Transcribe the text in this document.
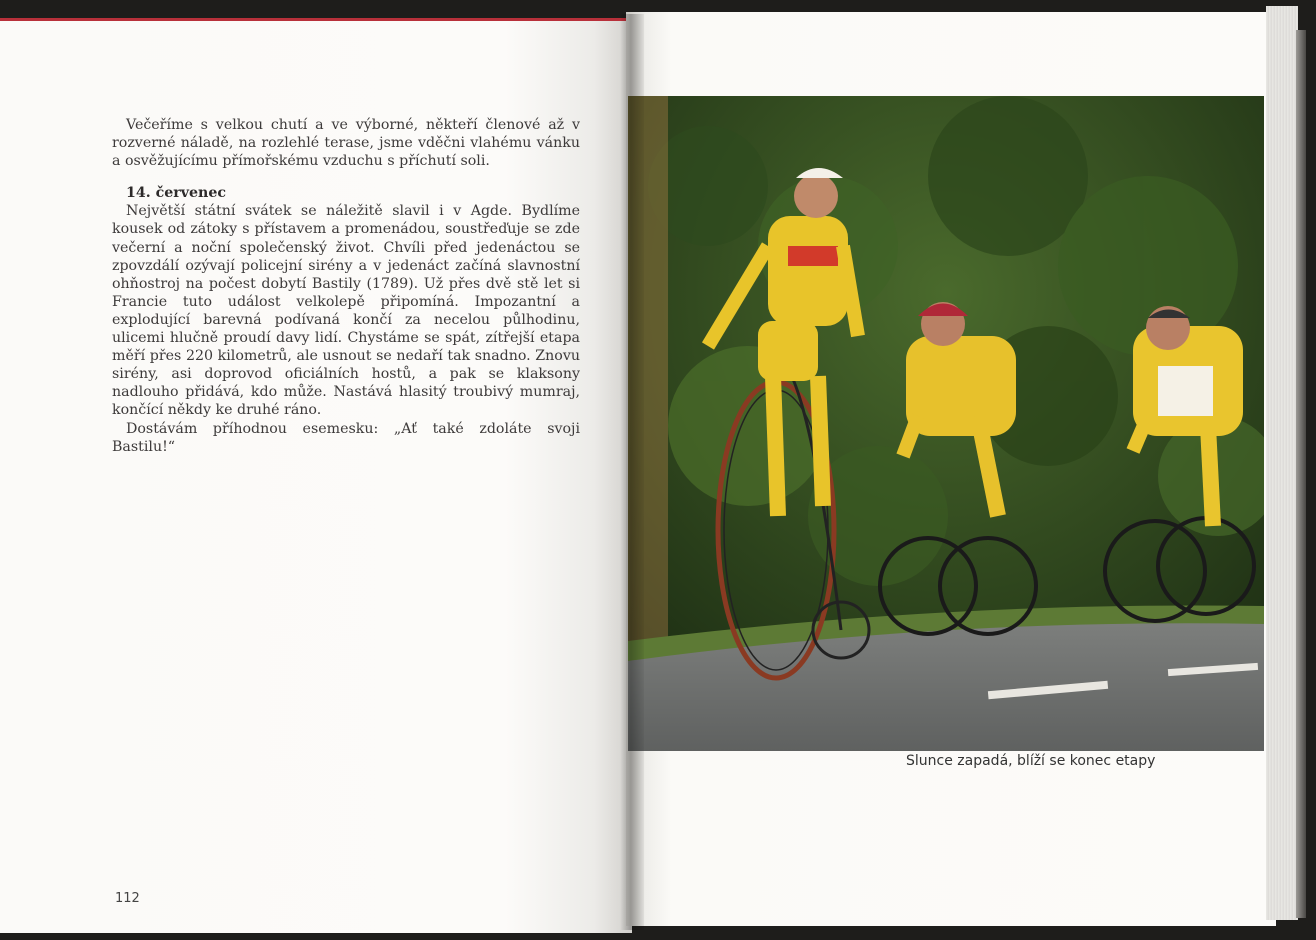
Večeříme s velkou chutí a ve výborné, někteří členové až v rozverné náladě, na rozlehlé terase, jsme vděčni vlahému vánku a osvěžujícímu přímořskému vzduchu s příchutí soli.

14. červenec

Největší státní svátek se náležitě slavil i v Agde. Bydlíme kousek od zátoky s přístavem a promenádou, soustřeďuje se zde večerní a noční společenský život. Chvíli před jedenáctou se zpovzdálí ozývají policejní sirény a v jedenáct začíná slavnostní ohňostroj na počest dobytí Bastily (1789). Už přes dvě stě let si Francie tuto událost velkolepě připomíná. Impozantní a explodující barevná podívaná končí za necelou půlhodinu, ulicemi hlučně proudí davy lidí. Chystáme se spát, zítřejší etapa měří přes 220 kilometrů, ale usnout se nedaří tak snadno. Znovu sirény, asi doprovod oficiálních hostů, a pak se klaksony nadlouho přidává, kdo může. Nastává hlasitý troubivý mumraj, končící někdy ke druhé ráno.

Dostávám příhodnou esemesku: „Ať také zdoláte svoji Bastilu!“

112
Slunce zapadá, blíží se konec etapy
